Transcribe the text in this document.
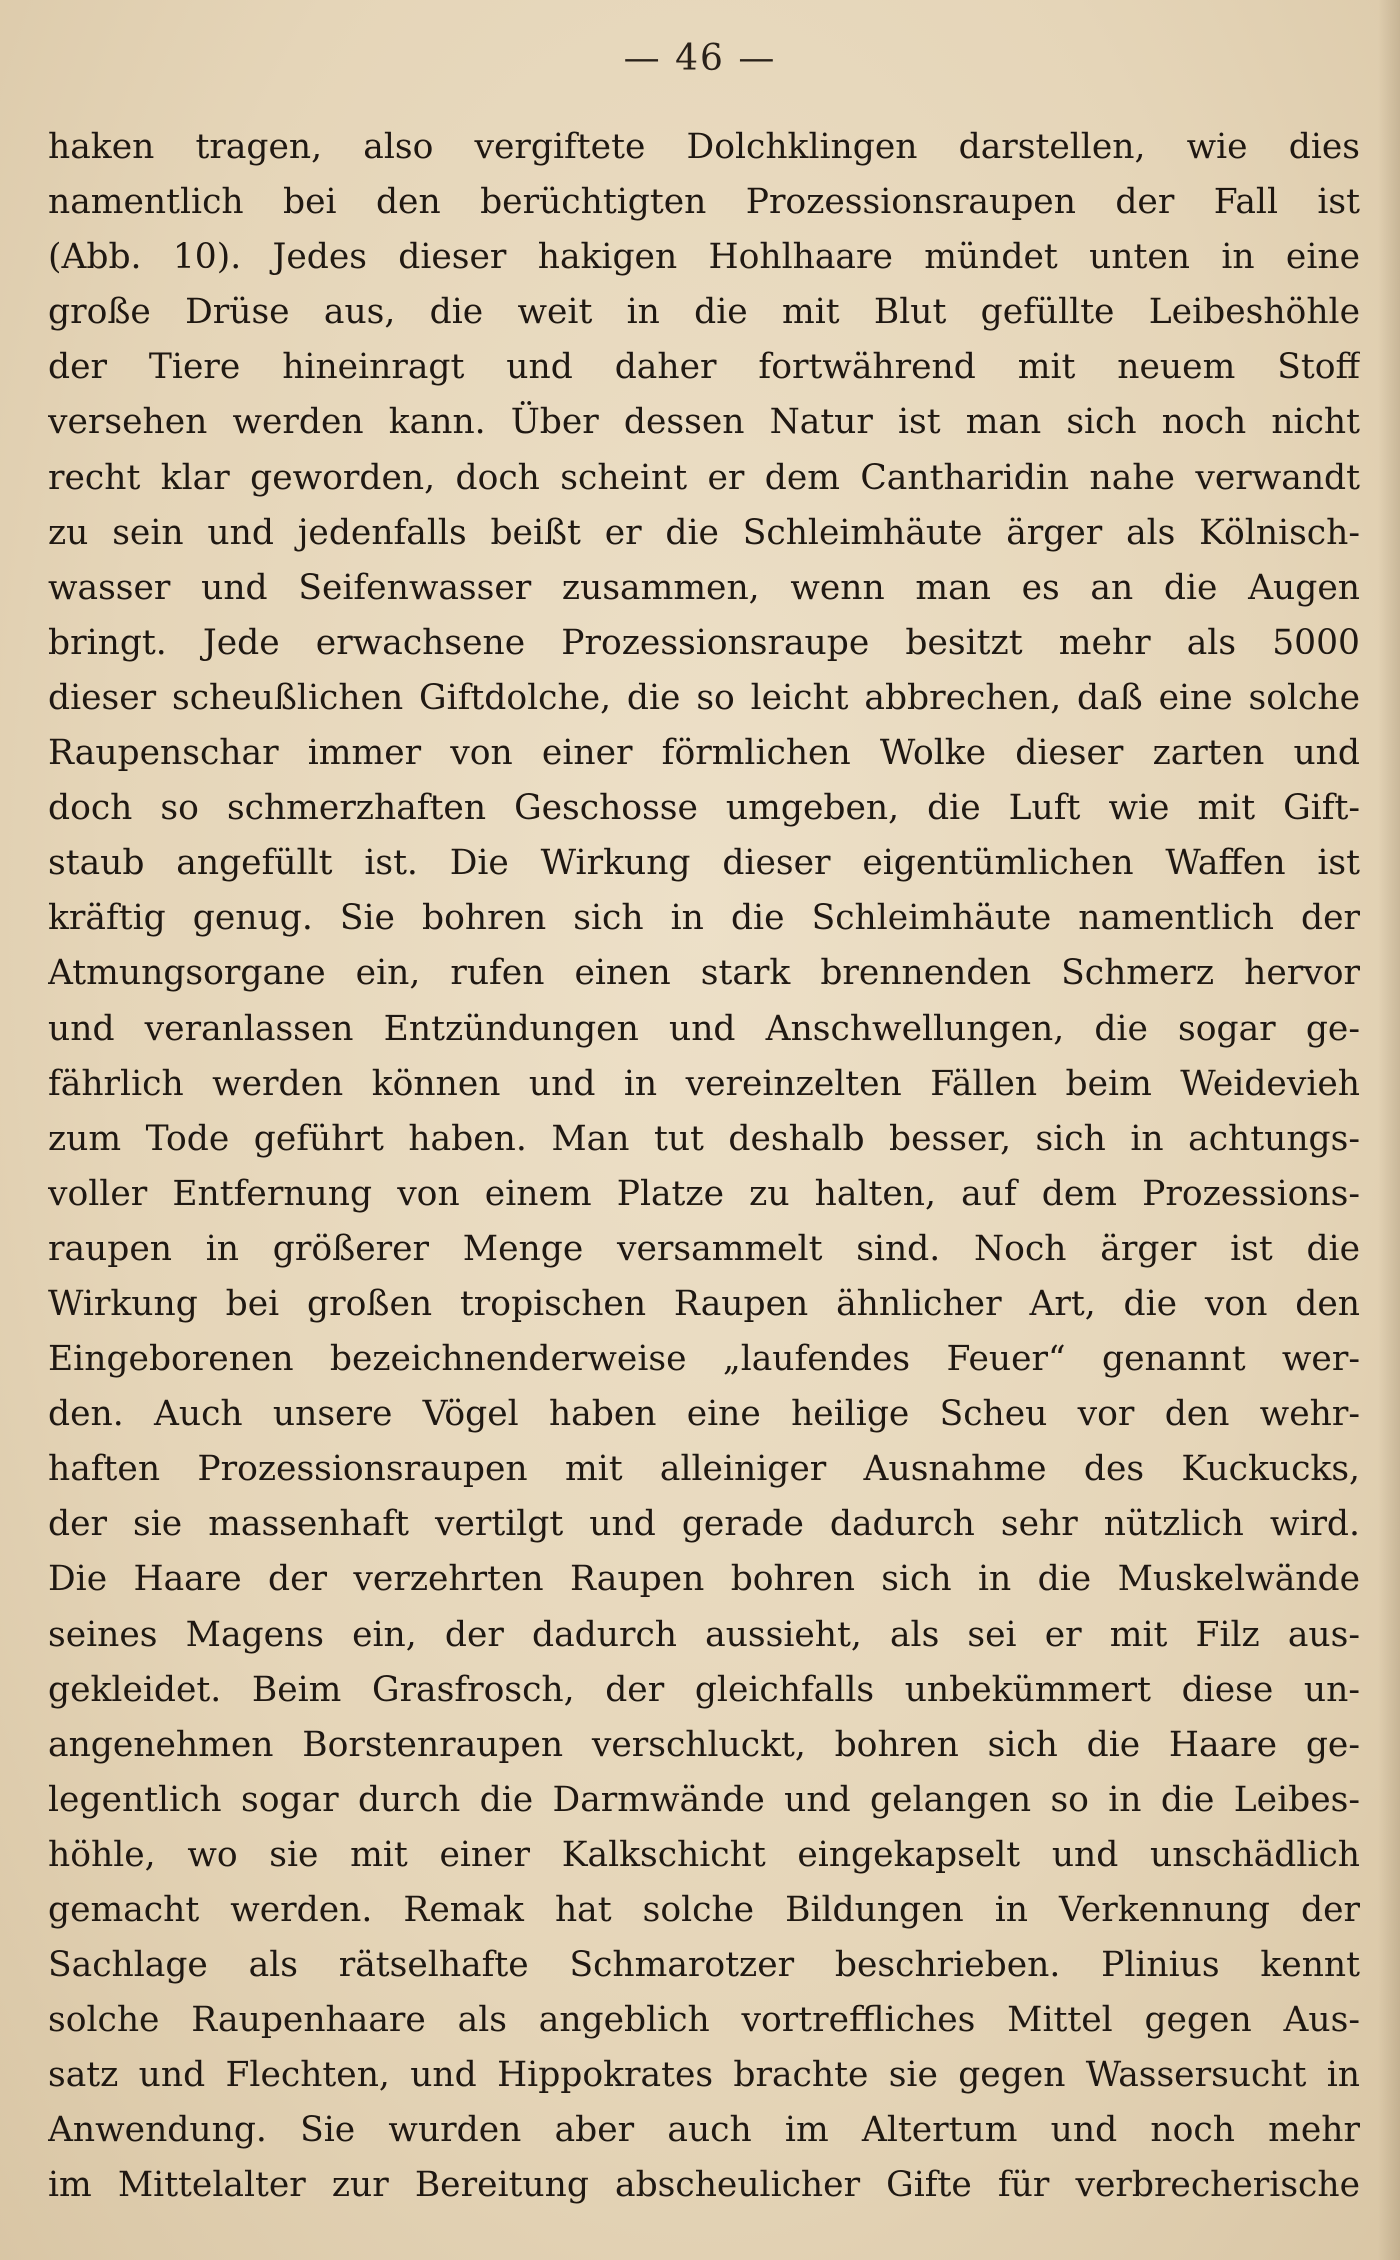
— 46 —
haken tragen, also vergiftete Dolchklingen darstellen, wie dies
namentlich bei den berüchtigten Prozessionsraupen der Fall ist
(Abb. 10). Jedes dieser hakigen Hohlhaare mündet unten in eine
große Drüse aus, die weit in die mit Blut gefüllte Leibeshöhle
der Tiere hineinragt und daher fortwährend mit neuem Stoff
versehen werden kann. Über dessen Natur ist man sich noch nicht
recht klar geworden, doch scheint er dem Cantharidin nahe verwandt
zu sein und jedenfalls beißt er die Schleimhäute ärger als Kölnisch-
wasser und Seifenwasser zusammen, wenn man es an die Augen
bringt. Jede erwachsene Prozessionsraupe besitzt mehr als 5000
dieser scheußlichen Giftdolche, die so leicht abbrechen, daß eine solche
Raupenschar immer von einer förmlichen Wolke dieser zarten und
doch so schmerzhaften Geschosse umgeben, die Luft wie mit Gift-
staub angefüllt ist. Die Wirkung dieser eigentümlichen Waffen ist
kräftig genug. Sie bohren sich in die Schleimhäute namentlich der
Atmungsorgane ein, rufen einen stark brennenden Schmerz hervor
und veranlassen Entzündungen und Anschwellungen, die sogar ge-
fährlich werden können und in vereinzelten Fällen beim Weidevieh
zum Tode geführt haben. Man tut deshalb besser, sich in achtungs-
voller Entfernung von einem Platze zu halten, auf dem Prozessions-
raupen in größerer Menge versammelt sind. Noch ärger ist die
Wirkung bei großen tropischen Raupen ähnlicher Art, die von den
Eingeborenen bezeichnenderweise „laufendes Feuer“ genannt wer-
den. Auch unsere Vögel haben eine heilige Scheu vor den wehr-
haften Prozessionsraupen mit alleiniger Ausnahme des Kuckucks,
der sie massenhaft vertilgt und gerade dadurch sehr nützlich wird.
Die Haare der verzehrten Raupen bohren sich in die Muskelwände
seines Magens ein, der dadurch aussieht, als sei er mit Filz aus-
gekleidet. Beim Grasfrosch, der gleichfalls unbekümmert diese un-
angenehmen Borstenraupen verschluckt, bohren sich die Haare ge-
legentlich sogar durch die Darmwände und gelangen so in die Leibes-
höhle, wo sie mit einer Kalkschicht eingekapselt und unschädlich
gemacht werden. Remak hat solche Bildungen in Verkennung der
Sachlage als rätselhafte Schmarotzer beschrieben. Plinius kennt
solche Raupenhaare als angeblich vortreffliches Mittel gegen Aus-
satz und Flechten, und Hippokrates brachte sie gegen Wassersucht in
Anwendung. Sie wurden aber auch im Altertum und noch mehr
im Mittelalter zur Bereitung abscheulicher Gifte für verbrecherische
